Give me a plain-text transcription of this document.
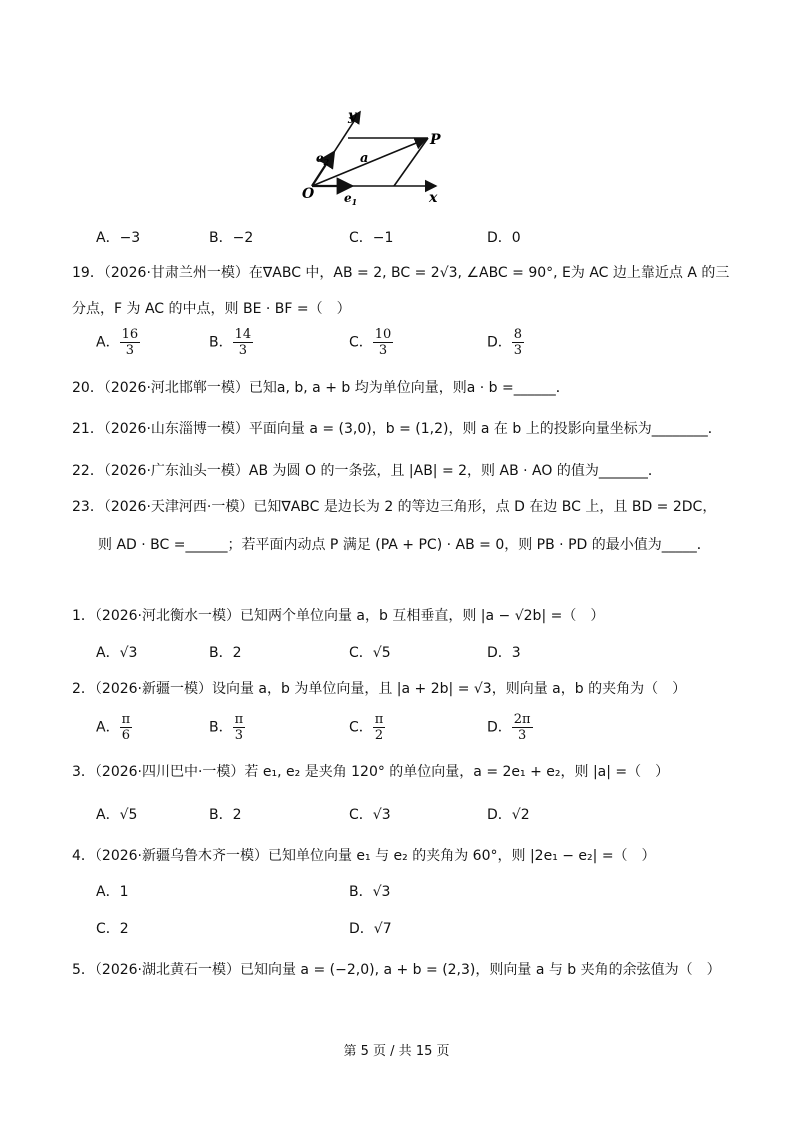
y
$e_2$ a
P
O $e_1$	x
A．−3	B．−2	C．−1	D．0
19．（2026·甘肃兰州一模）在∇ABC 中，AB = 2, BC = 2√3, ∠ABC = 90°, E为 AC 边上靠近点 A 的三
分点，F 为 AC 的中点，则 BE · BF =（　）
A． $\frac{16}{3}$	B． $\frac{14}{3}$	C． $\frac{10}{3}$	D． $\frac{8}{3}$
20．（2026·河北邯郸一模）已知a, b, a + b 均为单位向量，则a · b =______．
21．（2026·山东淄博一模）平面向量 a = (3,0)，b = (1,2)，则 a 在 b 上的投影向量坐标为________．
22．（2026·广东汕头一模）AB 为圆 O 的一条弦，且 |AB| = 2，则 AB · AO 的值为_______．
23．（2026·天津河西·一模）已知∇ABC 是边长为 2 的等边三角形，点 D 在边 BC 上，且 BD = 2DC，
则 AD · BC =______；若平面内动点 P 满足 (PA + PC) · AB = 0，则 PB · PD 的最小值为_____．
1．（2026·河北衡水一模）已知两个单位向量 a，b 互相垂直，则 |a − √2b| =（　）
A．√3	B．2	C．√5	D．3
2．（2026·新疆一模）设向量 a，b 为单位向量，且 |a + 2b| = √3，则向量 a，b 的夹角为（　）
A． $\frac{\pi}{6}$	B． $\frac{\pi}{3}$	C． $\frac{\pi}{2}$	D． $\frac{2\pi}{3}$
3．（2026·四川巴中·一模）若 e₁, e₂ 是夹角 120° 的单位向量，a = 2e₁ + e₂，则 |a| =（　）
A．√5	B．2	C．√3	D．√2
4．（2026·新疆乌鲁木齐一模）已知单位向量 e₁ 与 e₂ 的夹角为 60°，则 |2e₁ − e₂| =（　）
A．1	B．√3
C．2	D．√7
5．（2026·湖北黄石一模）已知向量 a = (−2,0), a + b = (2,3)，则向量 a 与 b 夹角的余弦值为（　）
第 5 页 / 共 15 页
